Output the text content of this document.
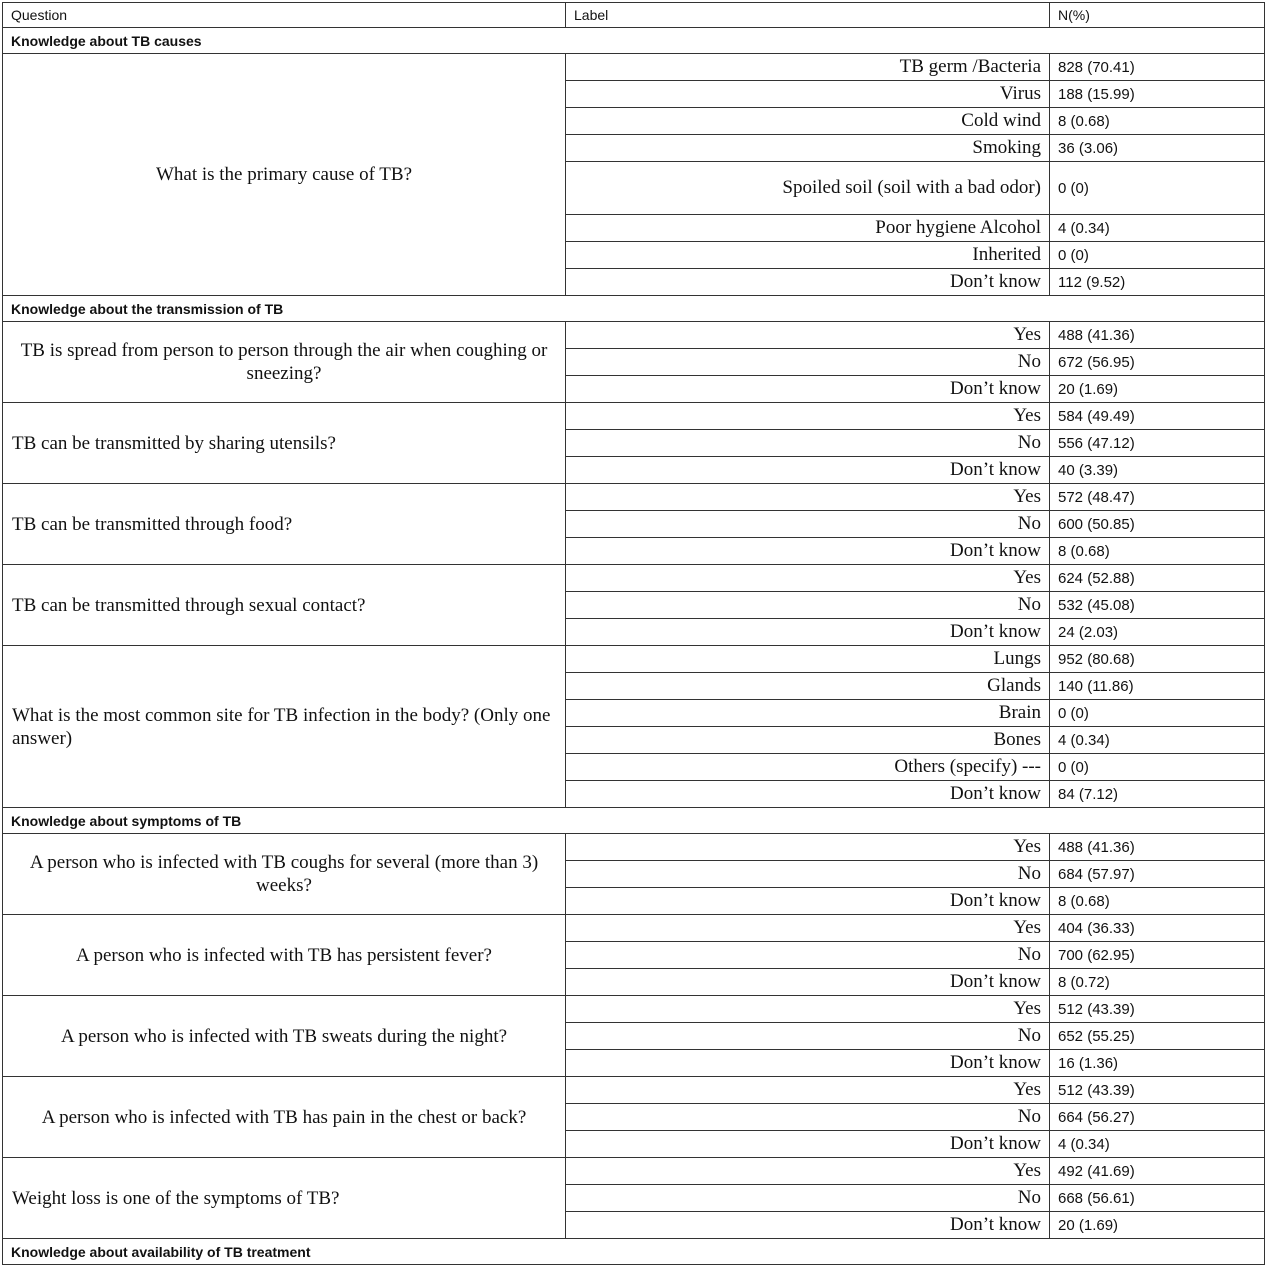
Question	Label	N(%)
Knowledge about TB causes		
What is the primary cause of TB?	TB germ /Bacteria	828 (70.41)
	Virus	188 (15.99)
	Cold wind	8 (0.68)
	Smoking	36 (3.06)
	Spoiled soil (soil with a bad odor)	0 (0)
	Poor hygiene Alcohol	4 (0.34)
	Inherited	0 (0)
	Don’t know	112 (9.52)
Knowledge about the transmission of TB		
TB is spread from person to person through the air when coughing or sneezing?	Yes	488 (41.36)
	No	672 (56.95)
	Don’t know	20 (1.69)
TB can be transmitted by sharing utensils?	Yes	584 (49.49)
	No	556 (47.12)
	Don’t know	40 (3.39)
TB can be transmitted through food?	Yes	572 (48.47)
	No	600 (50.85)
	Don’t know	8 (0.68)
TB can be transmitted through sexual contact?	Yes	624 (52.88)
	No	532 (45.08)
	Don’t know	24 (2.03)
What is the most common site for TB infection in the body? (Only one answer)	Lungs	952 (80.68)
	Glands	140 (11.86)
	Brain	0 (0)
	Bones	4 (0.34)
	Others (specify) ---	0 (0)
	Don’t know	84 (7.12)
Knowledge about symptoms of TB		
A person who is infected with TB coughs for several (more than 3) weeks?	Yes	488 (41.36)
	No	684 (57.97)
	Don’t know	8 (0.68)
A person who is infected with TB has persistent fever?	Yes	404 (36.33)
	No	700 (62.95)
	Don’t know	8 (0.72)
A person who is infected with TB sweats during the night?	Yes	512 (43.39)
	No	652 (55.25)
	Don’t know	16 (1.36)
A person who is infected with TB has pain in the chest or back?	Yes	512 (43.39)
	No	664 (56.27)
	Don’t know	4 (0.34)
Weight loss is one of the symptoms of TB?	Yes	492 (41.69)
	No	668 (56.61)
	Don’t know	20 (1.69)
Knowledge about availability of TB treatment		
